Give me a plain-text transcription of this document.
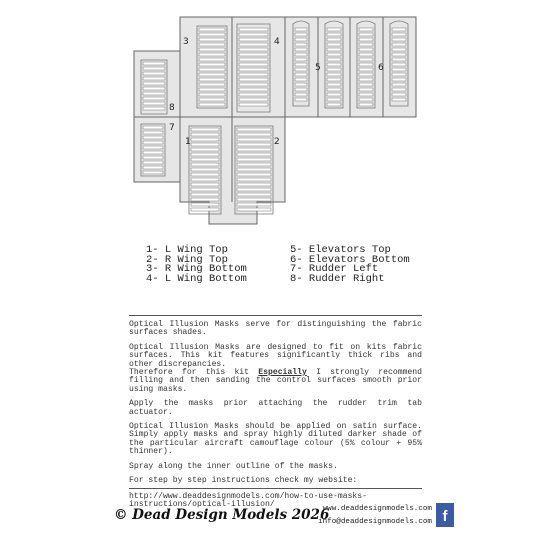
1	2
3	4
5	6
7
8
1- L Wing Top
2- R Wing Top
3- R Wing Bottom
4- L Wing Bottom
5- Elevators Top
6- Elevators Bottom
7- Rudder Left
8- Rudder Right

Optical Illusion Masks serve for distinguishing the fabric surfaces shades.

Optical Illusion Masks are designed to fit on kits fabric surfaces. This kit features significantly thick ribs and other discrepancies.
Therefore for this kit Especially I strongly recommend filling and then sanding the control surfaces smooth prior using masks.

Apply the masks prior attaching the rudder trim tab actuator.

Optical Illusion Masks should be applied on satin surface. Simply apply masks and spray highly diluted darker shade of the particular aircraft camouflage colour (5% colour + 95% thinner).

Spray along the inner outline of the masks.

For step by step instructions check my website:

http://www.deaddesignmodels.com/how-to-use-masks-instructions/optical-illusion/

© Dead Design Models 2026
www.deaddesignmodels.com
info@deaddesignmodels.com f
